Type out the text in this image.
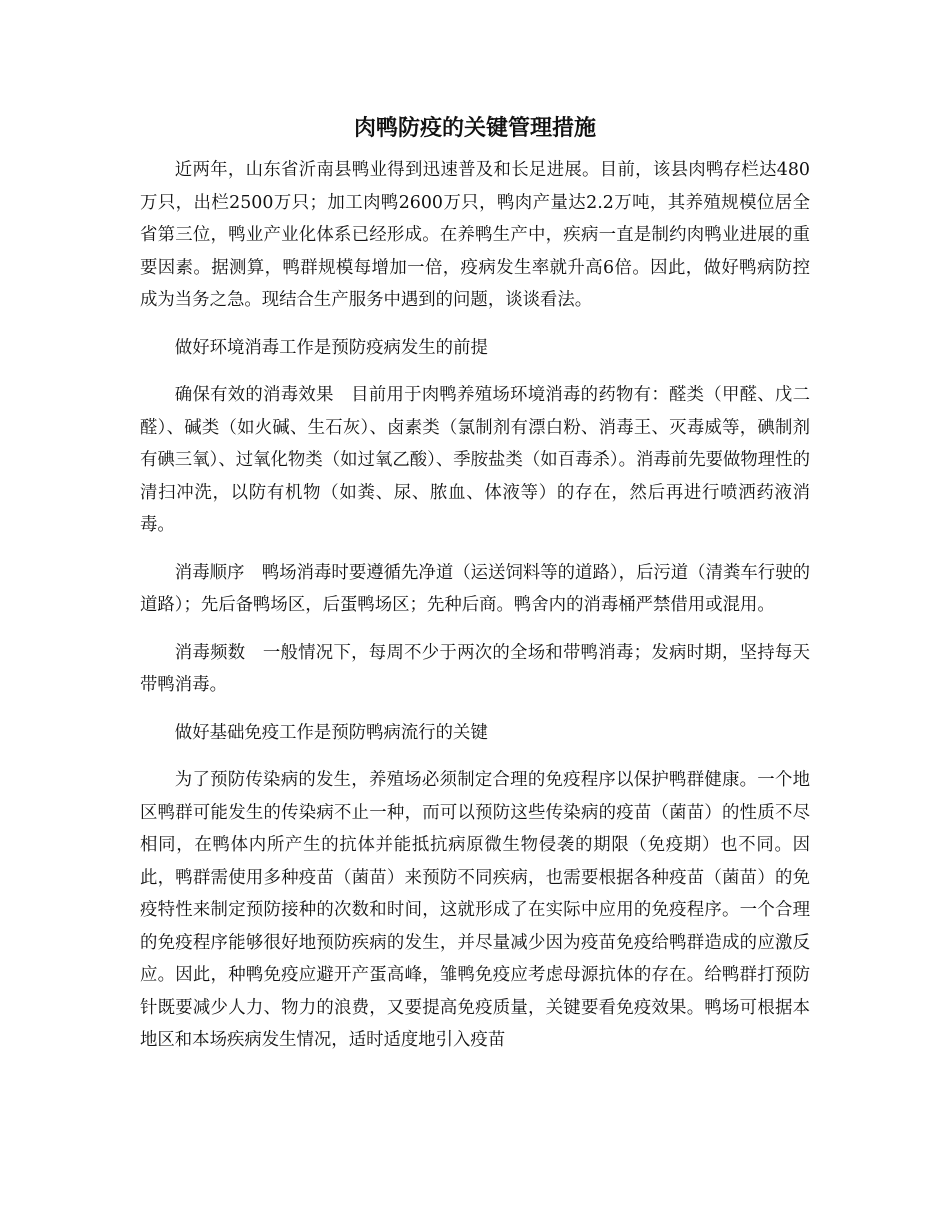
肉鸭防疫的关键管理措施

近两年，山东省沂南县鸭业得到迅速普及和长足进展。目前，该县肉鸭存栏达480万只，出栏2500万只；加工肉鸭2600万只，鸭肉产量达2.2万吨，其养殖规模位居全省第三位，鸭业产业化体系已经形成。在养鸭生产中，疾病一直是制约肉鸭业进展的重要因素。据测算，鸭群规模每增加一倍，疫病发生率就升高6倍。因此，做好鸭病防控成为当务之急。现结合生产服务中遇到的问题，谈谈看法。

做好环境消毒工作是预防疫病发生的前提

确保有效的消毒效果 目前用于肉鸭养殖场环境消毒的药物有：醛类（甲醛、戊二醛）、碱类（如火碱、生石灰）、卤素类（氯制剂有漂白粉、消毒王、灭毒威等，碘制剂有碘三氧）、过氧化物类（如过氧乙酸）、季胺盐类（如百毒杀）。消毒前先要做物理性的清扫冲洗，以防有机物（如粪、尿、脓血、体液等）的存在，然后再进行喷洒药液消毒。

消毒顺序 鸭场消毒时要遵循先净道（运送饲料等的道路），后污道（清粪车行驶的道路）；先后备鸭场区，后蛋鸭场区；先种后商。鸭舍内的消毒桶严禁借用或混用。

消毒频数 一般情况下，每周不少于两次的全场和带鸭消毒；发病时期，坚持每天带鸭消毒。

做好基础免疫工作是预防鸭病流行的关键

为了预防传染病的发生，养殖场必须制定合理的免疫程序以保护鸭群健康。一个地区鸭群可能发生的传染病不止一种，而可以预防这些传染病的疫苗（菌苗）的性质不尽相同，在鸭体内所产生的抗体并能抵抗病原微生物侵袭的期限（免疫期）也不同。因此，鸭群需使用多种疫苗（菌苗）来预防不同疾病，也需要根据各种疫苗（菌苗）的免疫特性来制定预防接种的次数和时间，这就形成了在实际中应用的免疫程序。一个合理的免疫程序能够很好地预防疾病的发生，并尽量减少因为疫苗免疫给鸭群造成的应激反应。因此，种鸭免疫应避开产蛋高峰，雏鸭免疫应考虑母源抗体的存在。给鸭群打预防针既要减少人力、物力的浪费，又要提高免疫质量，关键要看免疫效果。鸭场可根据本地区和本场疾病发生情况，适时适度地引入疫苗
